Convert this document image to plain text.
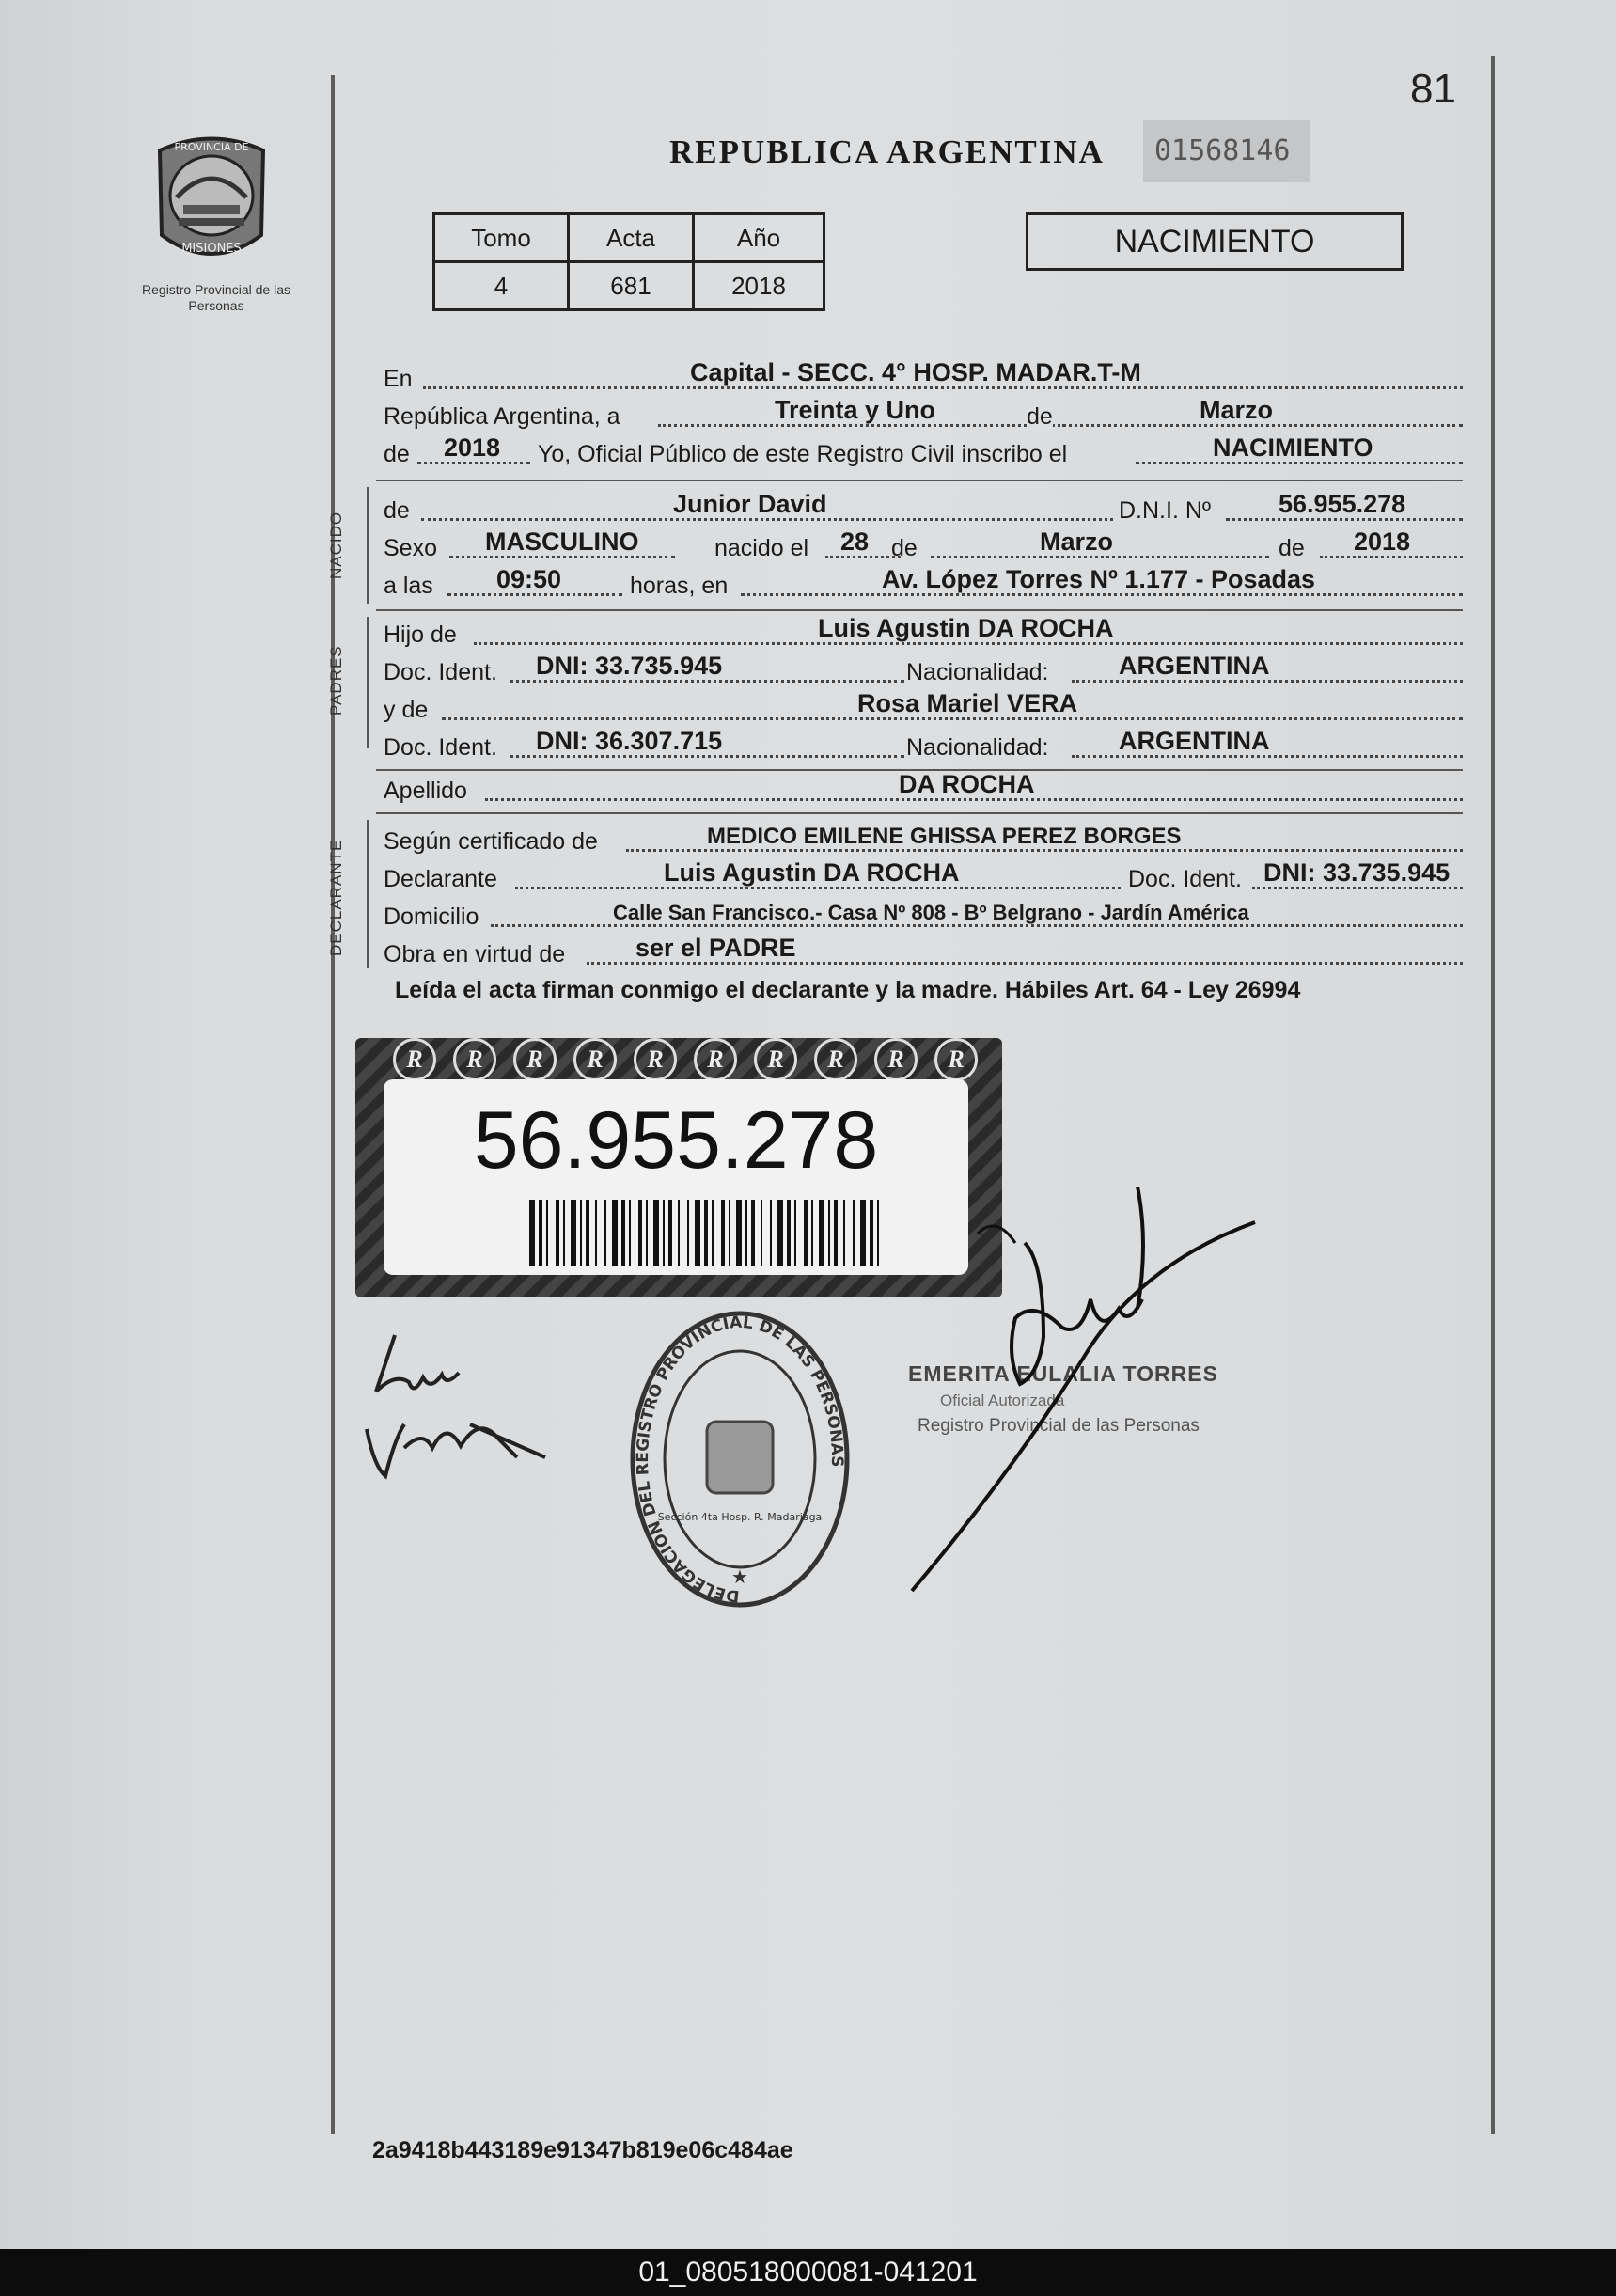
81
PROVINCIA DE
MISIONES
Registro Provincial de las Personas
REPUBLICA ARGENTINA	01568146
Tomo	Acta	Año
4	681	2018
NACIMIENTO
En	Capital - SECC. 4° HOSP. MADAR.T-M
República Argentina, a	Treinta y Uno	de	Marzo
de 2018 Yo, Oficial Público de este Registro Civil inscribo el	NACIMIENTO
NACIDO
de	Junior David	D.N.I. Nº	56.955.278
Sexo MASCULINO	nacido el 28 de	Marzo	de 2018
a las 09:50	horas, en	Av. López Torres Nº 1.177 - Posadas
PADRES
Hijo de	Luis Agustin DA ROCHA
Doc. Ident. DNI: 33.735.945	Nacionalidad:	ARGENTINA
y de	Rosa Mariel VERA
Doc. Ident. DNI: 36.307.715	Nacionalidad:	ARGENTINA
Apellido	DA ROCHA
DECLARANTE Según certificado de	MEDICO EMILENE GHISSA PEREZ BORGES
Declarante	Luis Agustin DA ROCHA	Doc. Ident. DNI: 33.735.945
Domicilio	Calle San Francisco.- Casa Nº 808 - Bº Belgrano - Jardín América
Obra en virtud de	ser el PADRE
Leída el acta firman conmigo el declarante y la madre. Hábiles Art. 64 - Ley 26994
R	R	R	R	R	R	R	R	R	R
56.955.278
DELEGACION DEL REGISTRO PROVINCIAL DE LAS PERSONAS
Sección 4ta Hosp. R. Madariaga
★
EMERITA EULALIA TORRES
Oficial Autorizada
Registro Provincial de las Personas
2a9418b443189e91347b819e06c484ae
01_080518000081-041201
